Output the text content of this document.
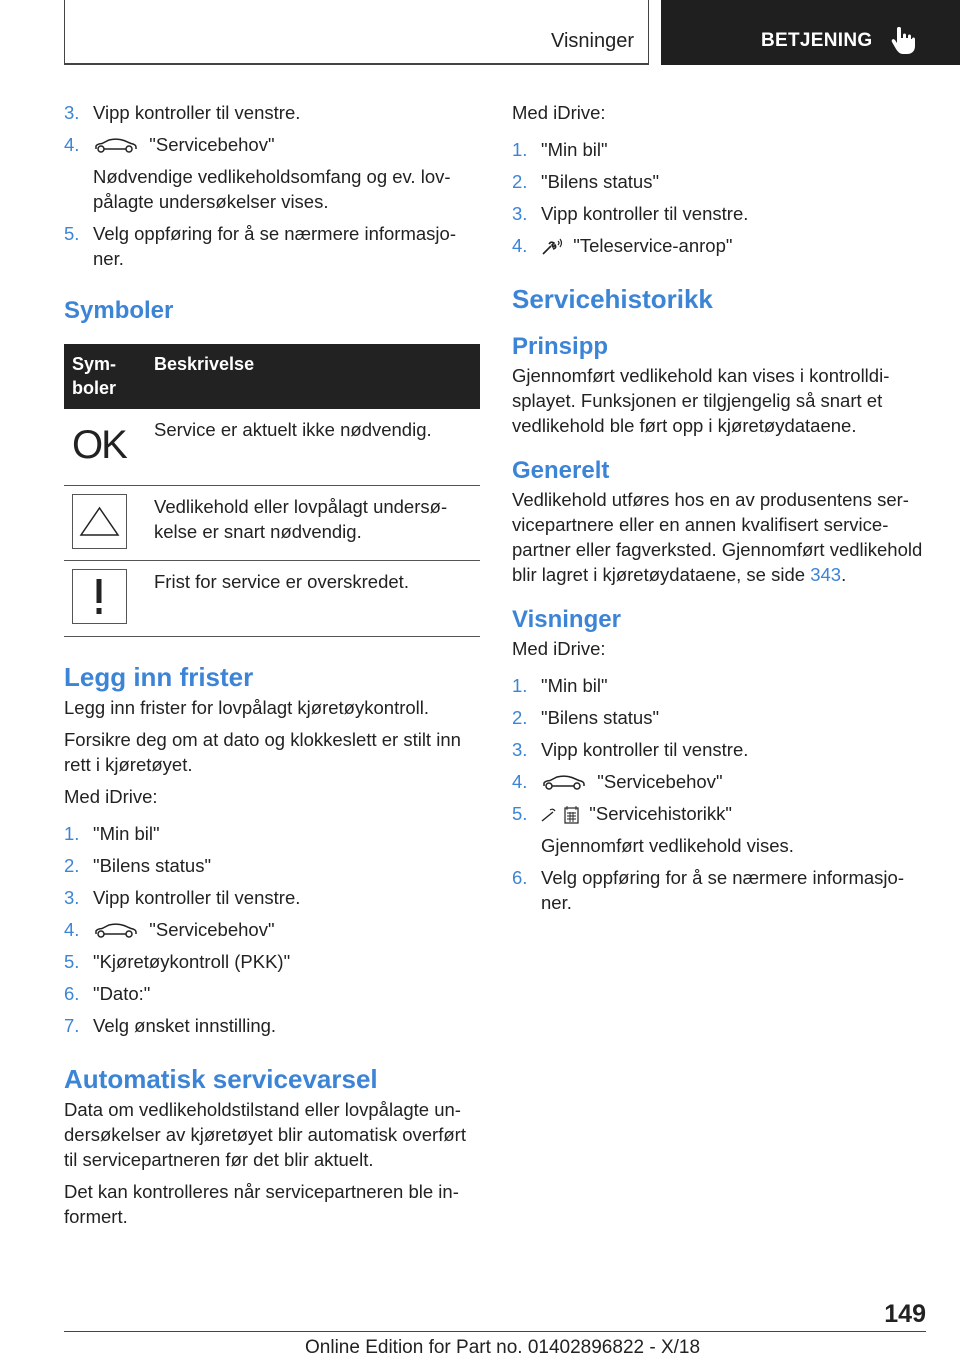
Visninger	BETJENING
3. Vipp kontroller til venstre.
4.	"Servicebehov"
Nødvendige vedlikeholdsomfang og ev. lovpålagte undersøkelser vises.
5. Velg oppføring for å se nærmere informasjoner.
Symboler
Symboler	Beskrivelse
OK	Service er aktuelt ikke nødvendig.
	Vedlikehold eller lovpålagt undersøkelse er snart nødvendig.
	Frist for service er overskredet.
Legg inn frister

Legg inn frister for lovpålagt kjøretøykontroll.

Forsikre deg om at dato og klokkeslett er stilt inn rett i kjøretøyet.

Med iDrive:

1. "Min bil"
2. "Bilens status"
3. Vipp kontroller til venstre.
4.	"Servicebehov"
5. "Kjøretøykontroll (PKK)"
6. "Dato:"
7. Velg ønsket innstilling.
Automatisk servicevarsel

Data om vedlikeholdstilstand eller lovpålagte undersøkelser av kjøretøyet blir automatisk overført til servicepartneren før det blir aktuelt.

Det kan kontrolleres når servicepartneren ble informert.

Med iDrive:

1. "Min bil"
2. "Bilens status"
3. Vipp kontroller til venstre.
4. "Teleservice-anrop"
Servicehistorikk
Prinsipp

Gjennomført vedlikehold kan vises i kontrolldisplayet. Funksjonen er tilgjengelig så snart et vedlikehold ble ført opp i kjøretøydataene.

Generelt

Vedlikehold utføres hos en av produsentens servicepartnere eller en annen kvalifisert servicepartner eller fagverksted. Gjennomført vedlikehold blir lagret i kjøretøydataene, se side 343.

Visninger

Med iDrive:

1. "Min bil"
2. "Bilens status"
3. Vipp kontroller til venstre.
4.	"Servicebehov"
5.	"Servicehistorikk"
Gjennomført vedlikehold vises.
6. Velg oppføring for å se nærmere informasjoner.
149
Online Edition for Part no. 01402896822 - X/18
